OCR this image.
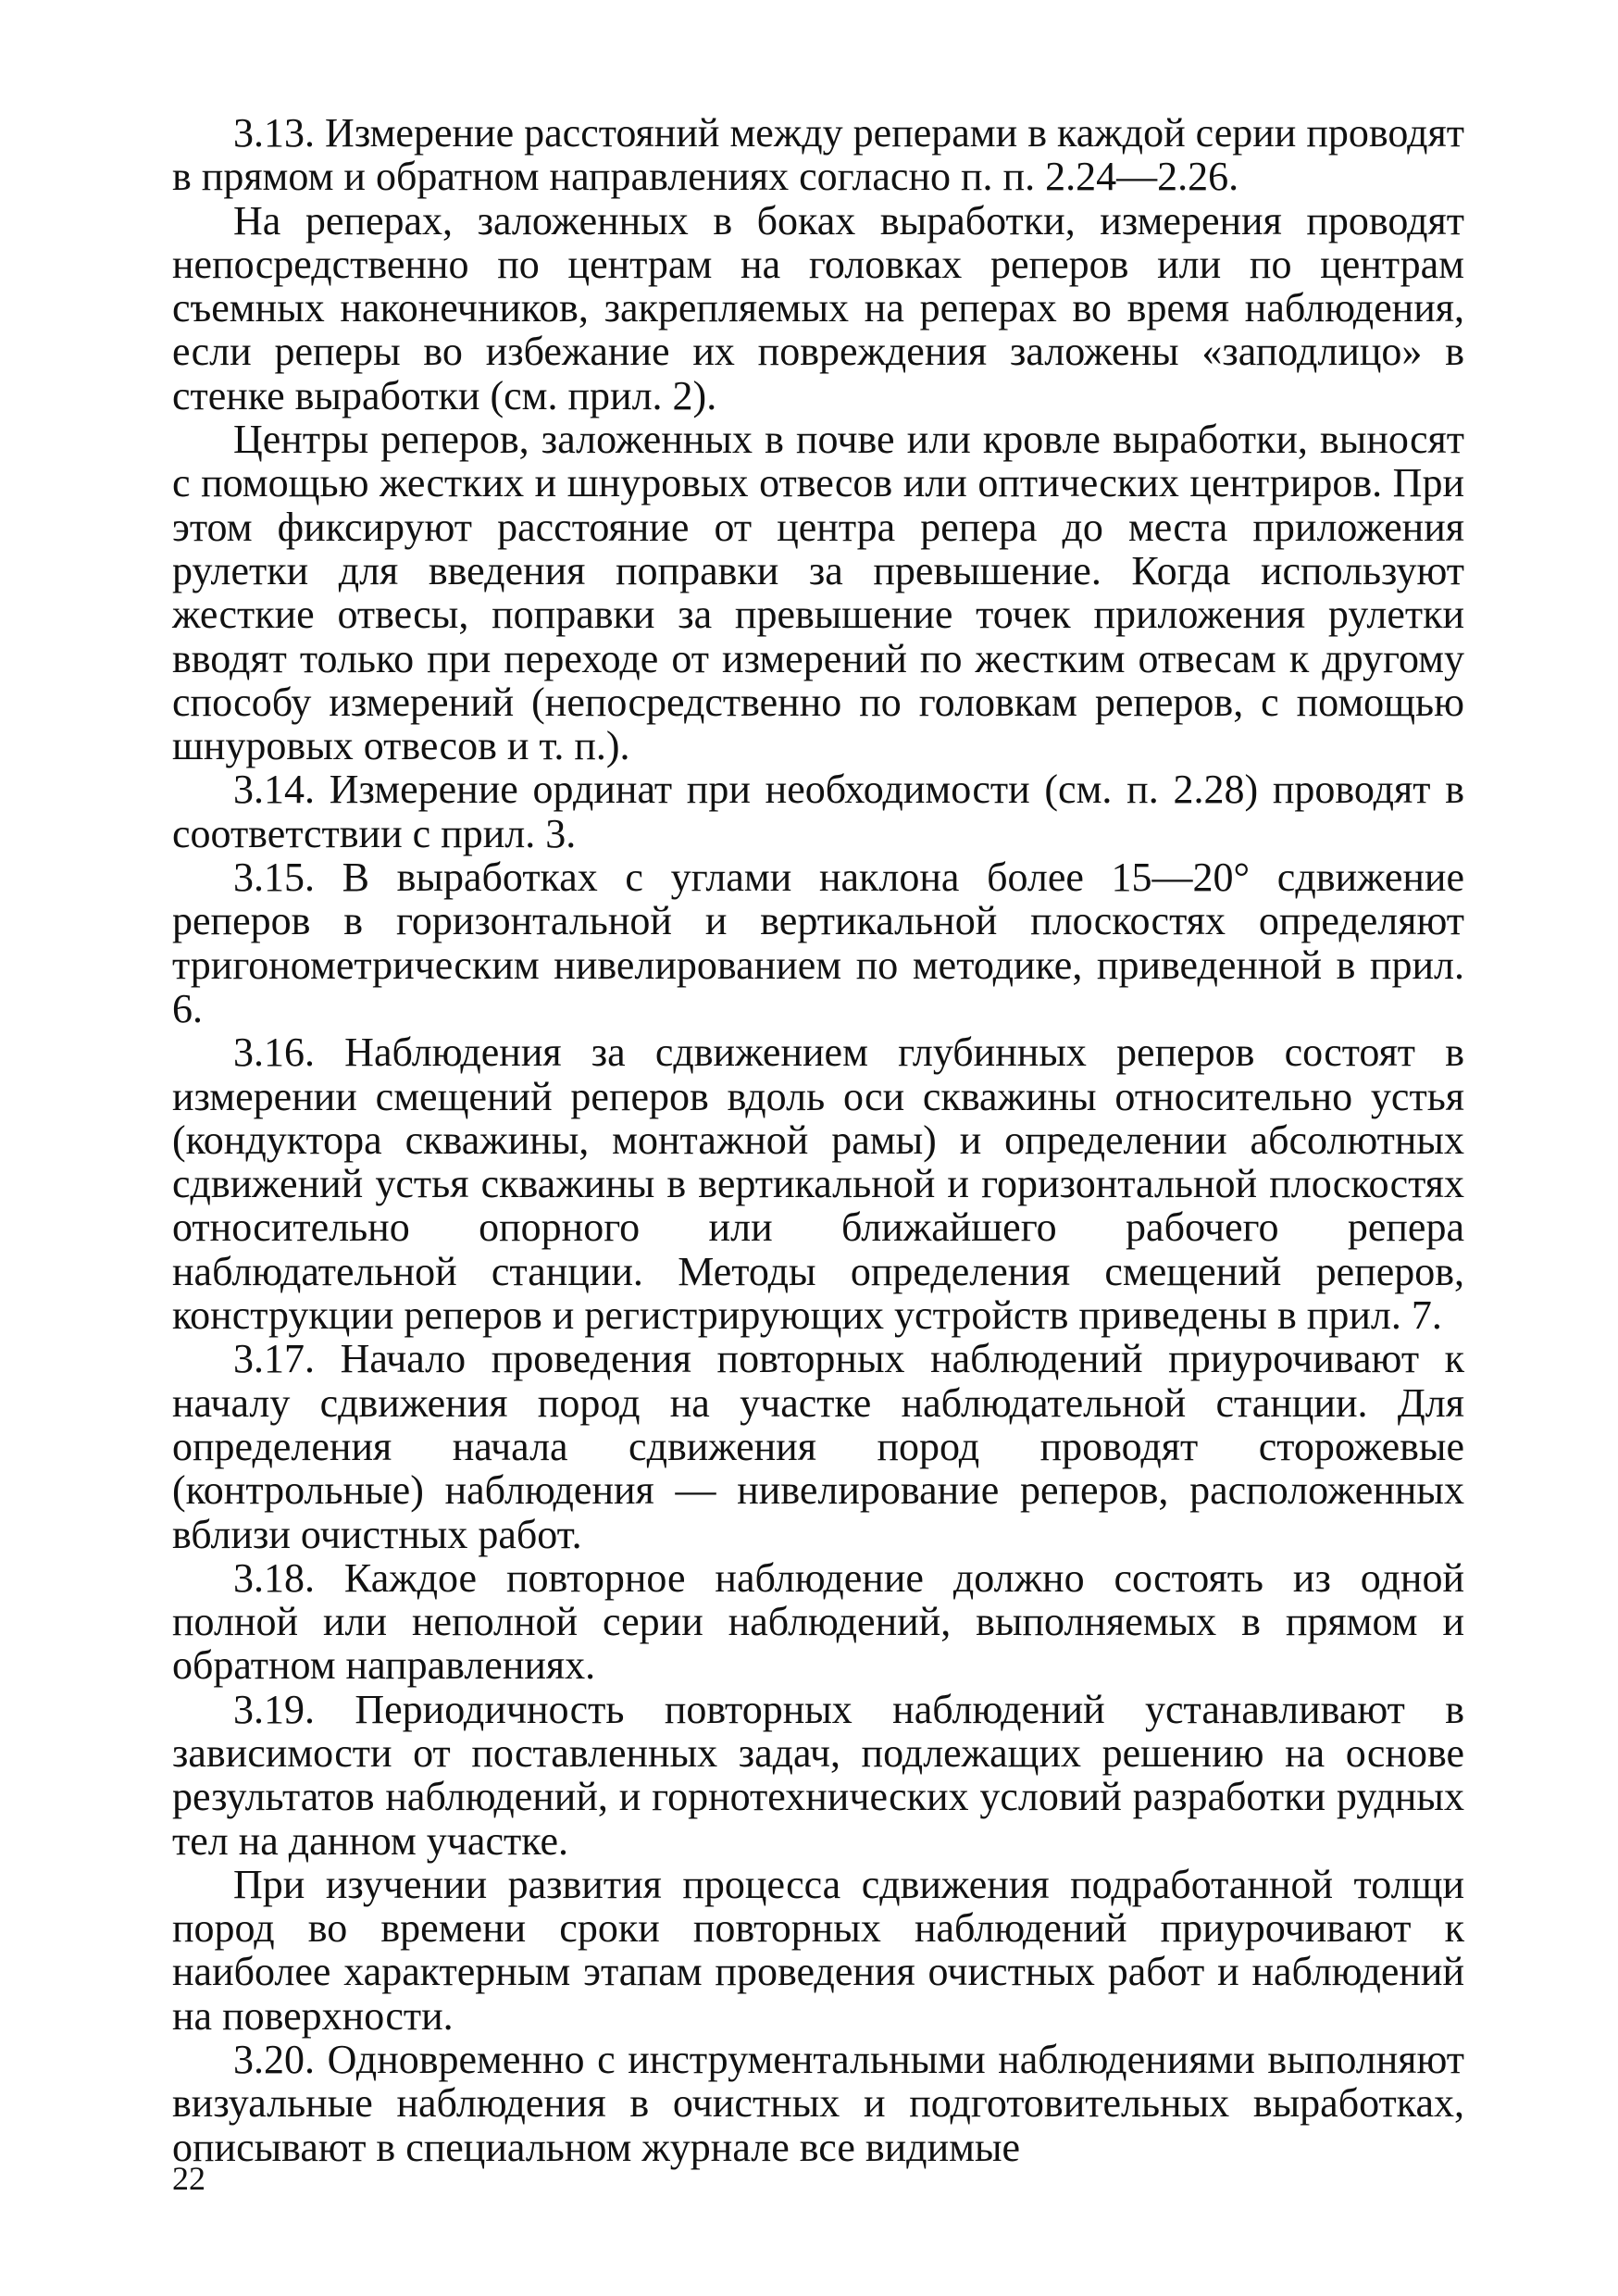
3.13. Измерение расстояний между реперами в каждой серии проводят в прямом и обратном направлениях согласно п. п. 2.24—2.26.

На реперах, заложенных в боках выработки, измерения проводят непосредственно по центрам на головках реперов или по центрам съемных наконечников, закрепляемых на реперах во время наблюдения, если реперы во избежание их повреждения заложены «заподлицо» в стенке выработки (см. прил. 2).

Центры реперов, заложенных в почве или кровле выработки, выносят с помощью жестких и шнуровых отвесов или оптических центриров. При этом фиксируют расстояние от центра репера до места приложения рулетки для введения поправки за превышение. Когда используют жесткие отвесы, поправки за превышение точек приложения рулетки вводят только при переходе от измерений по жестким отвесам к другому способу измерений (непосредственно по головкам реперов, с помощью шнуровых отвесов и т. п.).

3.14. Измерение ординат при необходимости (см. п. 2.28) проводят в соответствии с прил. 3.

3.15. В выработках с углами наклона более 15—20° сдвижение реперов в горизонтальной и вертикальной плоскостях определяют тригонометрическим нивелированием по методике, приведенной в прил. 6.

3.16. Наблюдения за сдвижением глубинных реперов состоят в измерении смещений реперов вдоль оси скважины относительно устья (кондуктора скважины, монтажной рамы) и определении абсолютных сдвижений устья скважины в вертикальной и горизонтальной плоскостях относительно опорного или ближайшего рабочего репера наблюдательной станции. Методы определения смещений реперов, конструкции реперов и регистрирующих устройств приведены в прил. 7.

3.17. Начало проведения повторных наблюдений приурочивают к началу сдвижения пород на участке наблюдательной станции. Для определения начала сдвижения пород проводят сторожевые (контрольные) наблюдения — нивелирование реперов, расположенных вблизи очистных работ.

3.18. Каждое повторное наблюдение должно состоять из одной полной или неполной серии наблюдений, выполняемых в прямом и обратном направлениях.

3.19. Периодичность повторных наблюдений устанавливают в зависимости от поставленных задач, подлежащих решению на основе результатов наблюдений, и горнотехнических условий разработки рудных тел на данном участке.

При изучении развития процесса сдвижения подработанной толщи пород во времени сроки повторных наблюдений приурочивают к наиболее характерным этапам проведения очистных работ и наблюдений на поверхности.

3.20. Одновременно с инструментальными наблюдениями выполняют визуальные наблюдения в очистных и подготовительных выработках, описывают в специальном журнале все видимые

22
